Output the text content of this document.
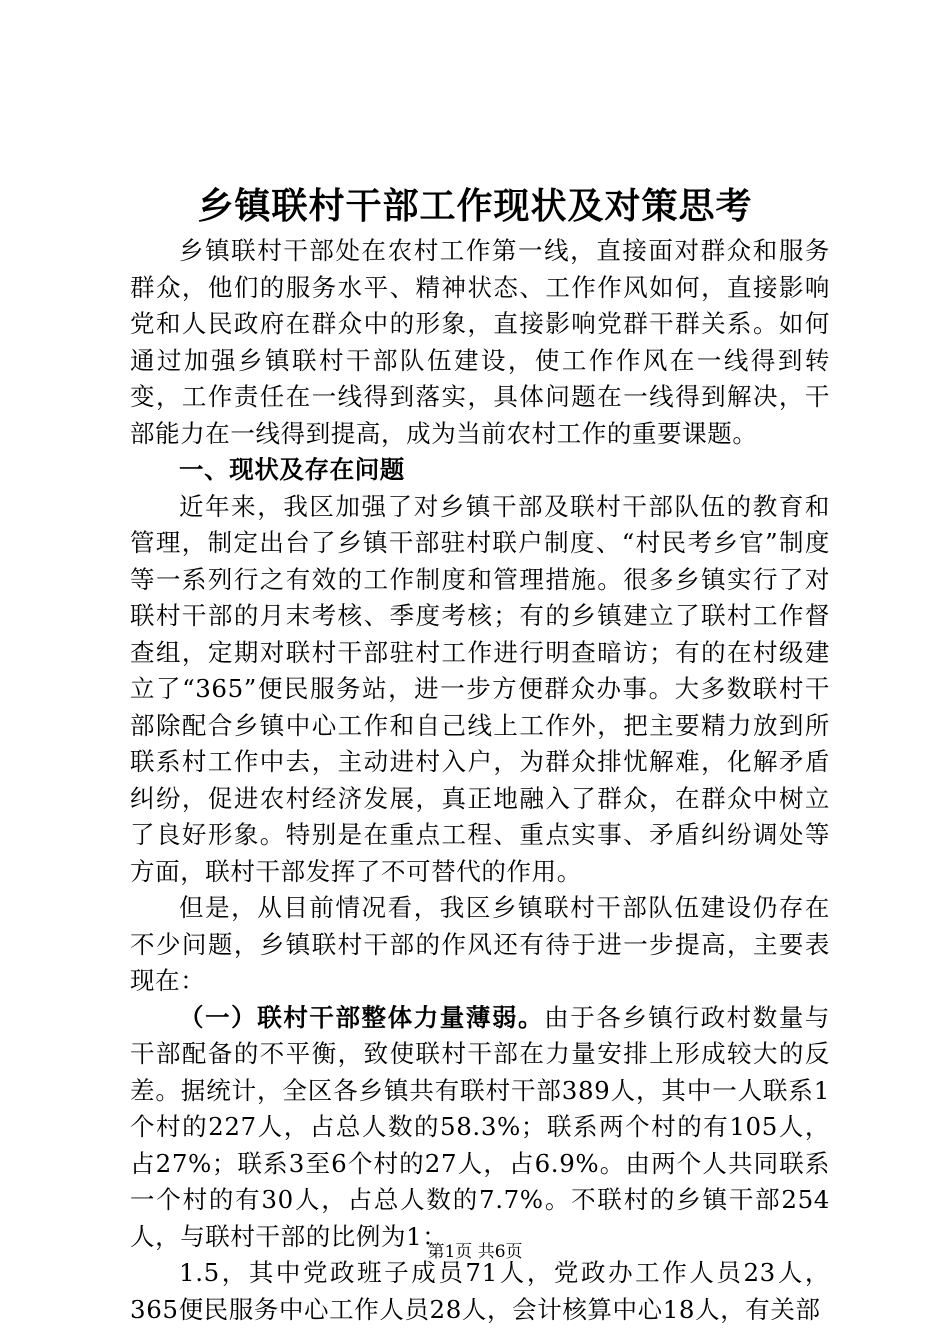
乡镇联村干部工作现状及对策思考

乡镇联村干部处在农村工作第一线，直接面对群众和服务群众，他们的服务水平、精神状态、工作作风如何，直接影响党和人民政府在群众中的形象，直接影响党群干群关系。如何通过加强乡镇联村干部队伍建设，使工作作风在一线得到转变，工作责任在一线得到落实，具体问题在一线得到解决，干部能力在一线得到提高，成为当前农村工作的重要课题。

一、现状及存在问题

近年来，我区加强了对乡镇干部及联村干部队伍的教育和管理，制定出台了乡镇干部驻村联户制度、“村民考乡官”制度等一系列行之有效的工作制度和管理措施。很多乡镇实行了对联村干部的月末考核、季度考核；有的乡镇建立了联村工作督查组，定期对联村干部驻村工作进行明查暗访；有的在村级建立了“365”便民服务站，进一步方便群众办事。大多数联村干部除配合乡镇中心工作和自己线上工作外，把主要精力放到所联系村工作中去，主动进村入户，为群众排忧解难，化解矛盾纠纷，促进农村经济发展，真正地融入了群众，在群众中树立了良好形象。特别是在重点工程、重点实事、矛盾纠纷调处等方面，联村干部发挥了不可替代的作用。

但是，从目前情况看，我区乡镇联村干部队伍建设仍存在不少问题，乡镇联村干部的作风还有待于进一步提高，主要表现在：

（一）联村干部整体力量薄弱。由于各乡镇行政村数量与干部配备的不平衡，致使联村干部在力量安排上形成较大的反差。据统计，全区各乡镇共有联村干部389人，其中一人联系1个村的227人，占总人数的58.3%；联系两个村的有105人，占27%；联系3至6个村的27人，占6.9%。由两个人共同联系一个村的有30人，占总人数的7.7%。不联村的乡镇干部254人，与联村干部的比例为1：

1.5，其中党政班子成员71人，党政办工作人员23人，365便民服务中心工作人员28人，会计核算中心18人，有关部

第1页 共6页
